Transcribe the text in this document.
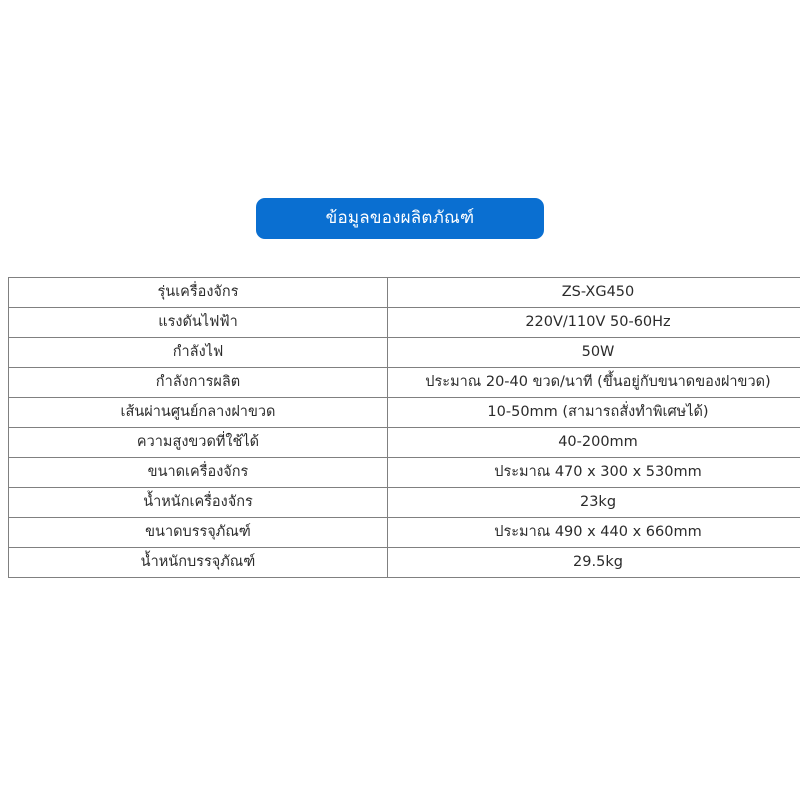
ข้อมูลของผลิตภัณฑ์
รุ่นเครื่องจักร	ZS-XG450
แรงดันไฟฟ้า	220V/110V 50-60Hz
กำลังไฟ	50W
กำลังการผลิต	ประมาณ 20-40 ขวด/นาที (ขึ้นอยู่กับขนาดของฝาขวด)
เส้นผ่านศูนย์กลางฝาขวด	10-50mm (สามารถสั่งทำพิเศษได้)
ความสูงขวดที่ใช้ได้	40-200mm
ขนาดเครื่องจักร	ประมาณ 470 x 300 x 530mm
น้ำหนักเครื่องจักร	23kg
ขนาดบรรจุภัณฑ์	ประมาณ 490 x 440 x 660mm
น้ำหนักบรรจุภัณฑ์	29.5kg
